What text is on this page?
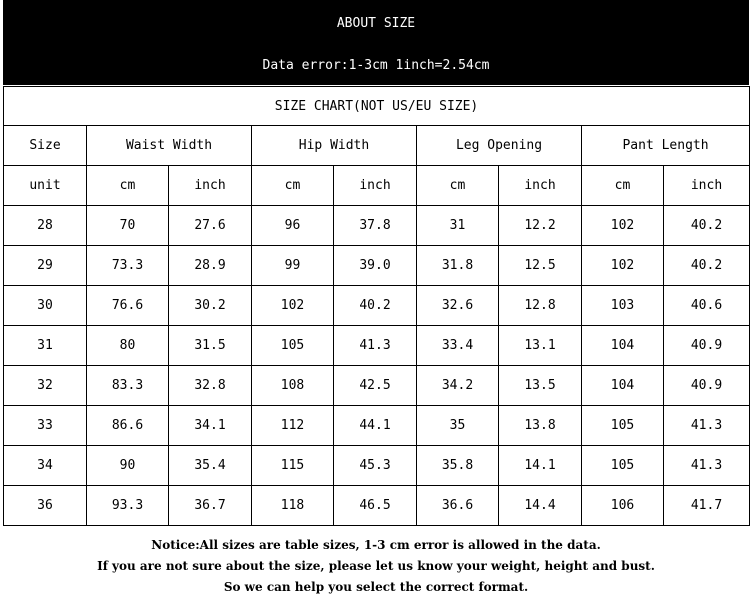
ABOUT SIZE
Data error:1-3cm 1inch=2.54cm
SIZE CHART(NOT US/EU SIZE)								
Size	Waist Width		Hip Width		Leg Opening		Pant Length	
unit	cm	inch	cm	inch	cm	inch	cm	inch
28	70	27.6	96	37.8	31	12.2	102	40.2
29	73.3	28.9	99	39.0	31.8	12.5	102	40.2
30	76.6	30.2	102	40.2	32.6	12.8	103	40.6
31	80	31.5	105	41.3	33.4	13.1	104	40.9
32	83.3	32.8	108	42.5	34.2	13.5	104	40.9
33	86.6	34.1	112	44.1	35	13.8	105	41.3
34	90	35.4	115	45.3	35.8	14.1	105	41.3
36	93.3	36.7	118	46.5	36.6	14.4	106	41.7
Notice:All sizes are table sizes, 1-3 cm error is allowed in the data.
If you are not sure about the size, please let us know your weight, height and bust.
So we can help you select the correct format.
